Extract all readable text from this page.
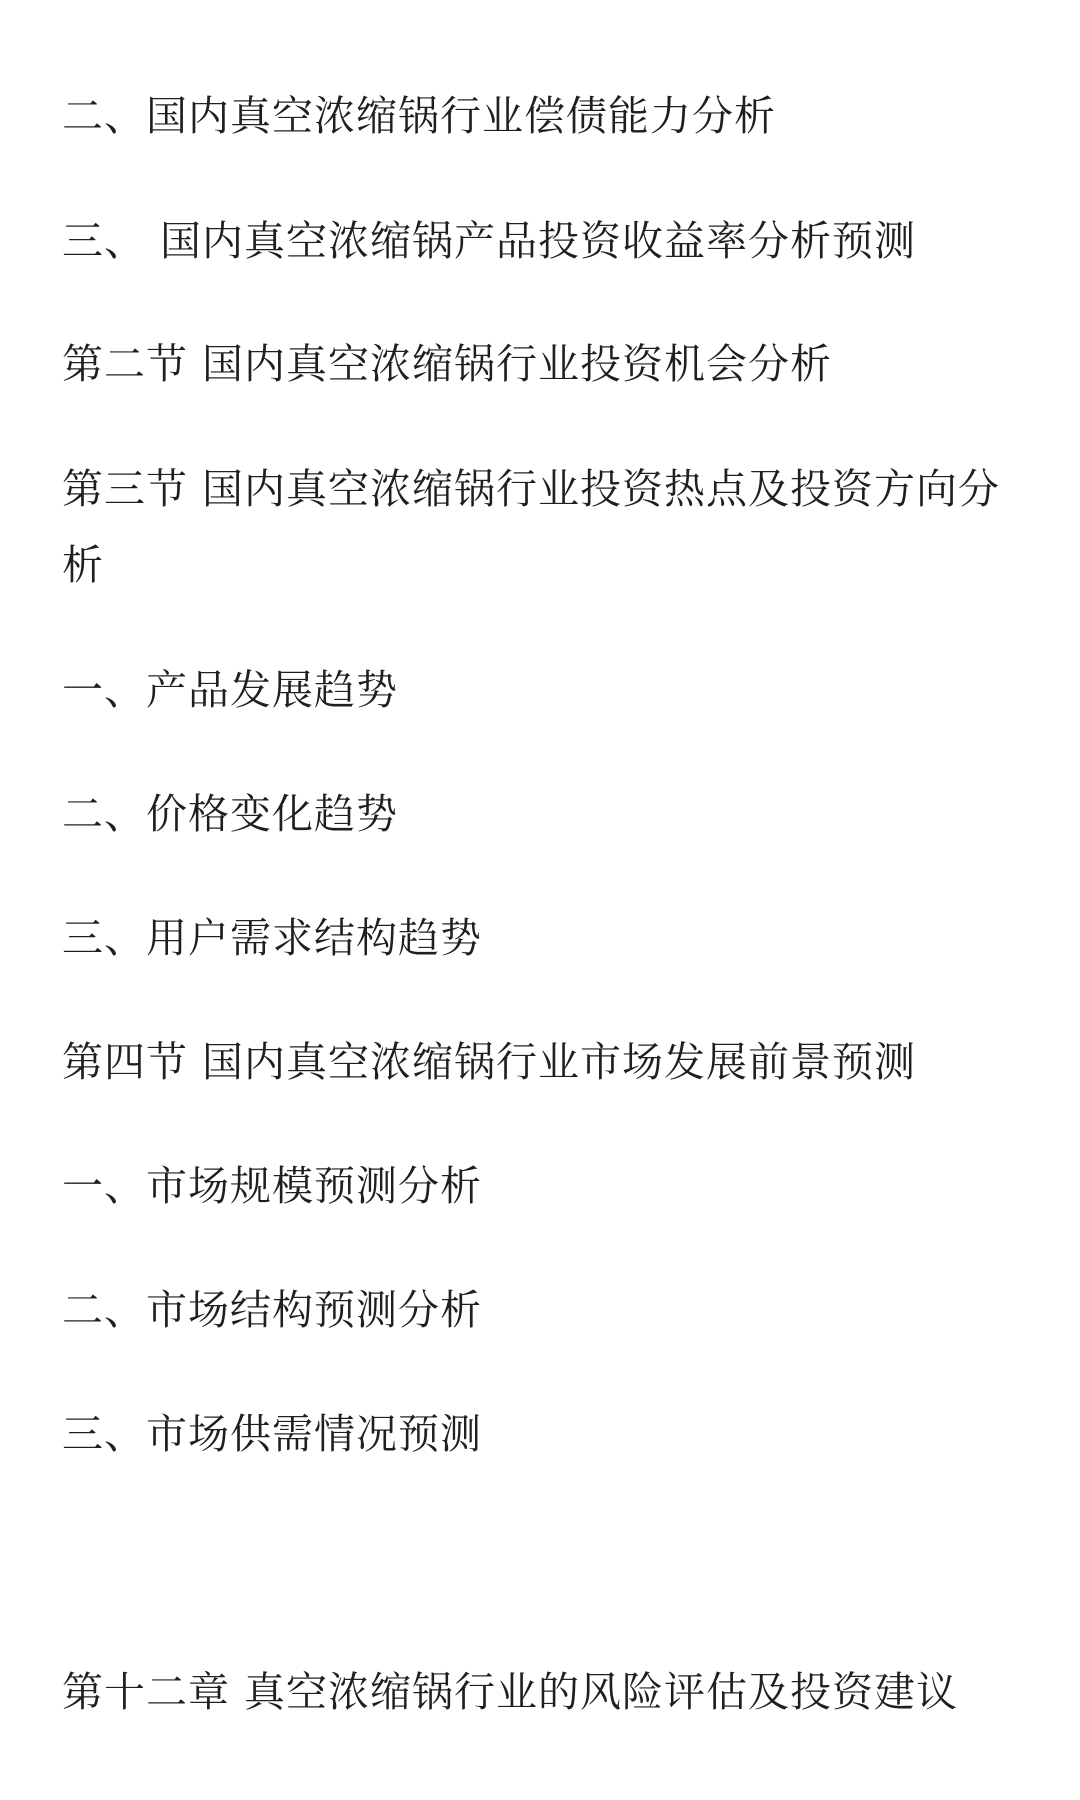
二、国内真空浓缩锅行业偿债能力分析
三、 国内真空浓缩锅产品投资收益率分析预测
第二节 国内真空浓缩锅行业投资机会分析
第三节 国内真空浓缩锅行业投资热点及投资方向分析
一、产品发展趋势
二、价格变化趋势
三、用户需求结构趋势
第四节 国内真空浓缩锅行业市场发展前景预测
一、市场规模预测分析
二、市场结构预测分析
三、市场供需情况预测
第十二章 真空浓缩锅行业的风险评估及投资建议
